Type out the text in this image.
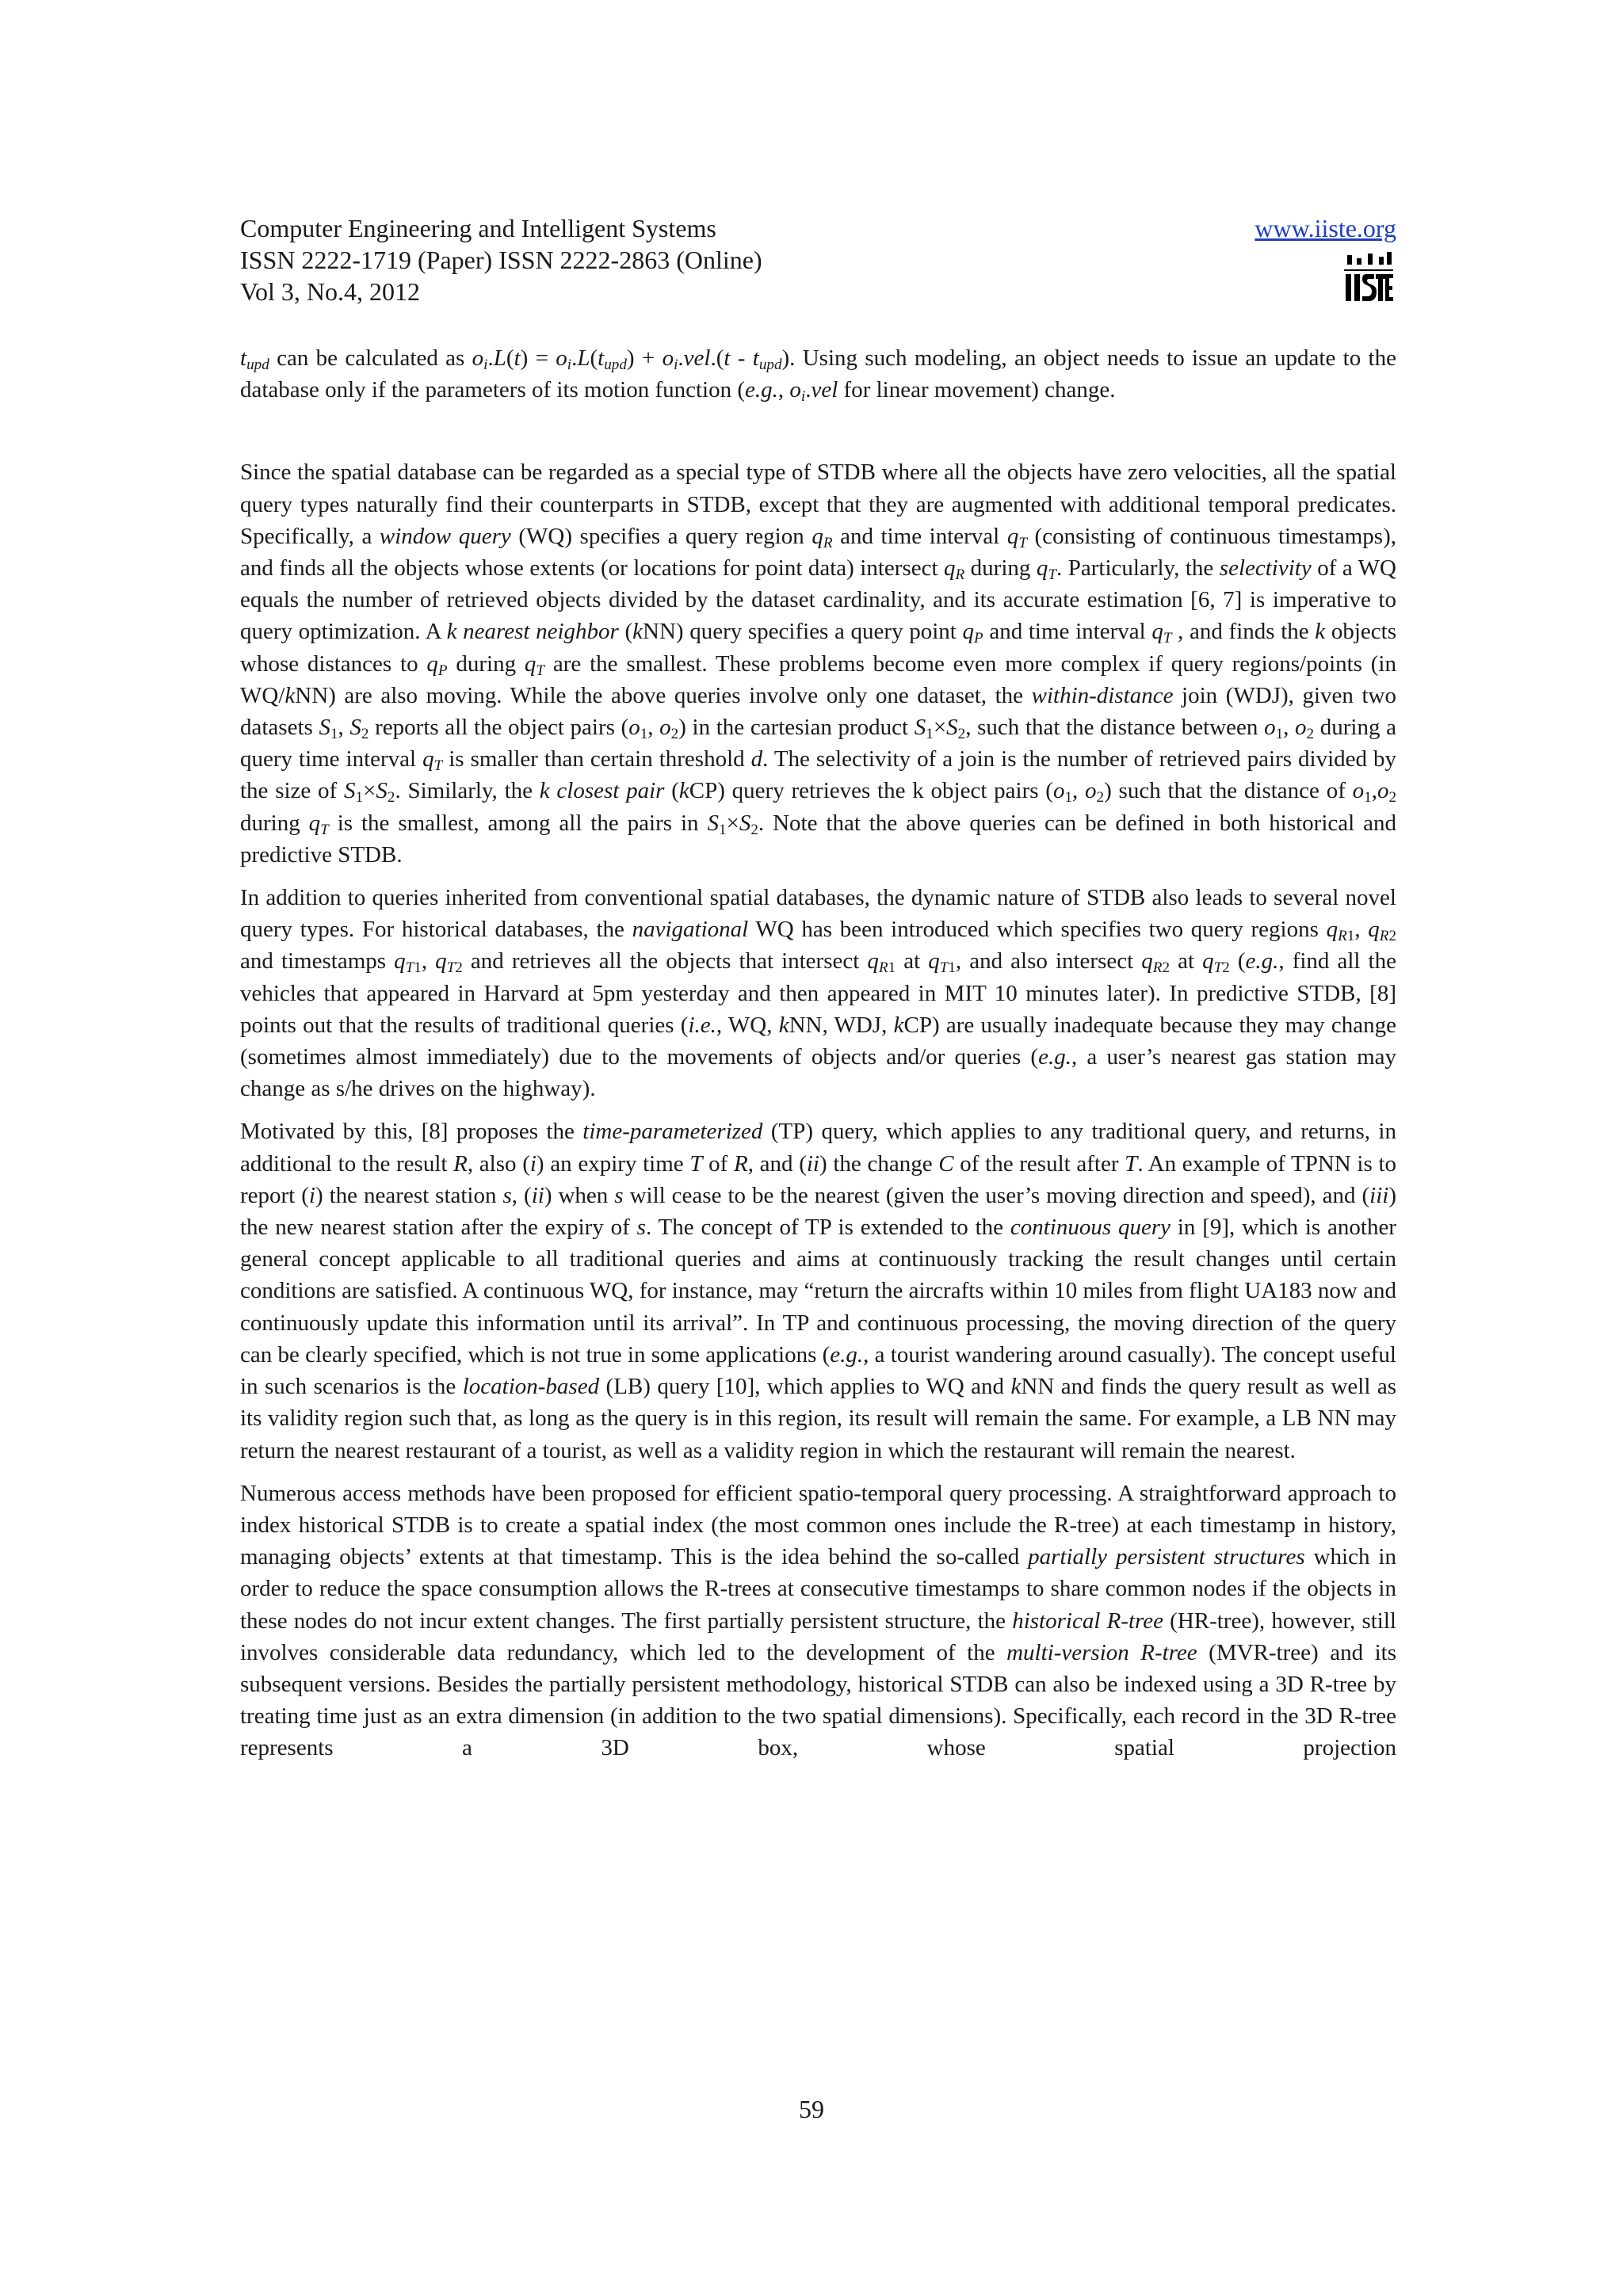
Computer Engineering and Intelligent Systems
ISSN 2222-1719 (Paper) ISSN 2222-2863 (Online)
Vol 3, No.4, 2012
www.iiste.org

$t_{upd}$ can be calculated as $o_i.L(t) = o_i.L(t_{upd}) + o_i.vel.(t - t_{upd})$. Using such modeling, an object needs to issue an update to the database only if the parameters of its motion function (e.g., $o_i.vel$ for linear movement) change.

Since the spatial database can be regarded as a special type of STDB where all the objects have zero velocities, all the spatial query types naturally find their counterparts in STDB, except that they are augmented with additional temporal predicates. Specifically, a window query (WQ) specifies a query region $q_R$ and time interval $q_T$ (consisting of continuous timestamps), and finds all the objects whose extents (or locations for point data) intersect $q_R$ during $q_T$. Particularly, the selectivity of a WQ equals the number of retrieved objects divided by the dataset cardinality, and its accurate estimation [6, 7] is imperative to query optimization. A k nearest neighbor (kNN) query specifies a query point $q_P$ and time interval $q_T$ , and finds the k objects whose distances to $q_P$ during $q_T$ are the smallest. These problems become even more complex if query regions/points (in WQ/kNN) are also moving. While the above queries involve only one dataset, the within-distance join (WDJ), given two datasets $S_1$, $S_2$ reports all the object pairs ($o_1$, $o_2$) in the cartesian product $S_1\times S_2$, such that the distance between $o_1$, $o_2$ during a query time interval $q_T$ is smaller than certain threshold d. The selectivity of a join is the number of retrieved pairs divided by the size of $S_1\times S_2$. Similarly, the k closest pair (kCP) query retrieves the k object pairs ($o_1$, $o_2$) such that the distance of $o_1,o_2$ during $q_T$ is the smallest, among all the pairs in $S_1\times S_2$. Note that the above queries can be defined in both historical and predictive STDB.

In addition to queries inherited from conventional spatial databases, the dynamic nature of STDB also leads to several novel query types. For historical databases, the navigational WQ has been introduced which specifies two query regions $q_{R1}$, $q_{R2}$ and timestamps $q_{T1}$, $q_{T2}$ and retrieves all the objects that intersect $q_{R1}$ at $q_{T1}$, and also intersect $q_{R2}$ at $q_{T2}$ (e.g., find all the vehicles that appeared in Harvard at 5pm yesterday and then appeared in MIT 10 minutes later). In predictive STDB, [8] points out that the results of traditional queries (i.e., WQ, kNN, WDJ, kCP) are usually inadequate because they may change (sometimes almost immediately) due to the movements of objects and/or queries (e.g., a user’s nearest gas station may change as s/he drives on the highway).

Motivated by this, [8] proposes the time-parameterized (TP) query, which applies to any traditional query, and returns, in additional to the result R, also (i) an expiry time T of R, and (ii) the change C of the result after T. An example of TPNN is to report (i) the nearest station s, (ii) when s will cease to be the nearest (given the user’s moving direction and speed), and (iii) the new nearest station after the expiry of s. The concept of TP is extended to the continuous query in [9], which is another general concept applicable to all traditional queries and aims at continuously tracking the result changes until certain conditions are satisfied. A continuous WQ, for instance, may “return the aircrafts within 10 miles from flight UA183 now and continuously update this information until its arrival”. In TP and continuous processing, the moving direction of the query can be clearly specified, which is not true in some applications (e.g., a tourist wandering around casually). The concept useful in such scenarios is the location-based (LB) query [10], which applies to WQ and kNN and finds the query result as well as its validity region such that, as long as the query is in this region, its result will remain the same. For example, a LB NN may return the nearest restaurant of a tourist, as well as a validity region in which the restaurant will remain the nearest.

Numerous access methods have been proposed for efficient spatio-temporal query processing. A straightforward approach to index historical STDB is to create a spatial index (the most common ones include the R-tree) at each timestamp in history, managing objects’ extents at that timestamp. This is the idea behind the so-called partially persistent structures which in order to reduce the space consumption allows the R-trees at consecutive timestamps to share common nodes if the objects in these nodes do not incur extent changes. The first partially persistent structure, the historical R-tree (HR-tree), however, still involves considerable data redundancy, which led to the development of the multi-version R-tree (MVR-tree) and its subsequent versions. Besides the partially persistent methodology, historical STDB can also be indexed using a 3D R-tree by treating time just as an extra dimension (in addition to the two spatial dimensions). Specifically, each record in the 3D R-tree represents a 3D box, whose spatial projection

59
